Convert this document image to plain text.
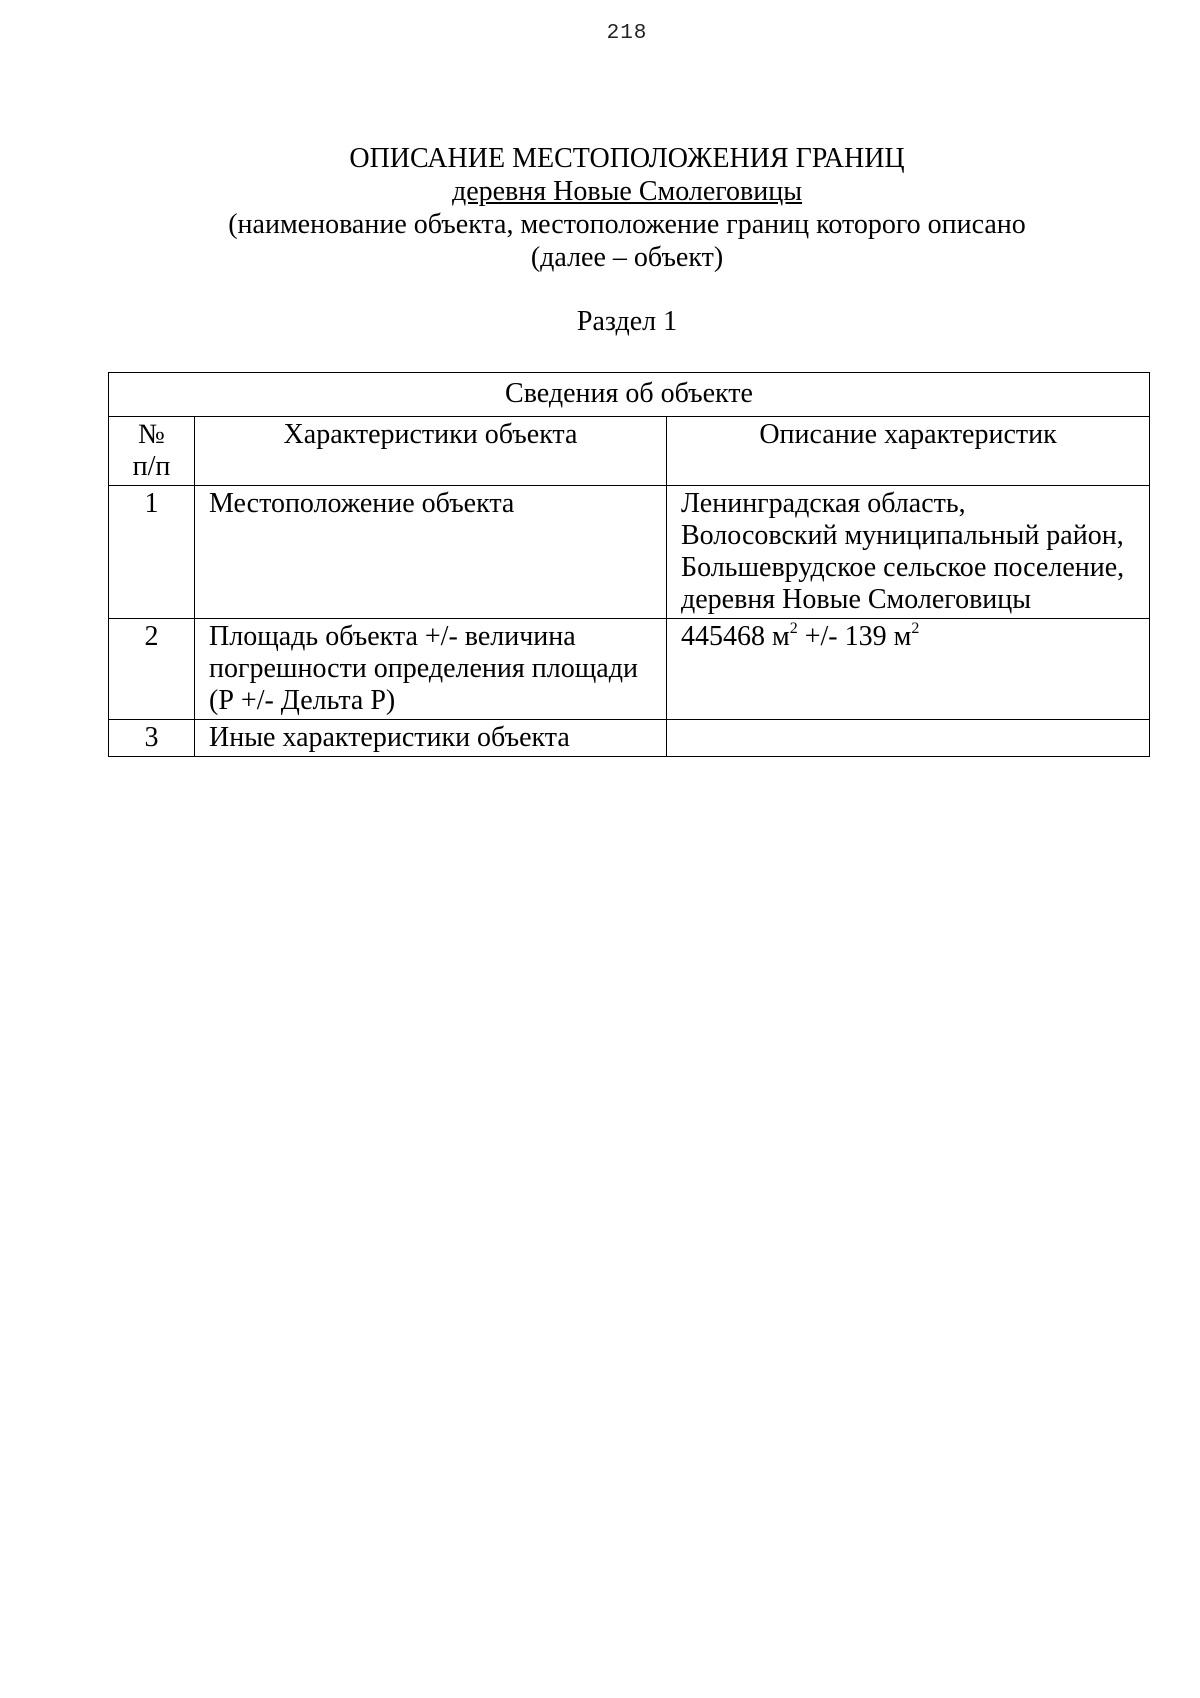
218
ОПИСАНИЕ МЕСТОПОЛОЖЕНИЯ ГРАНИЦ
деревня Новые Смолеговицы
(наименование объекта, местоположение границ которого описано
(далее – объект)
Раздел 1
Сведения об объекте		

№
п/п	Характеристики объекта	Описание характеристик
1	Местоположение объекта	Ленинградская область,
Волосовский муниципальный район,
Большеврудское сельское поселение,
деревня Новые Смолеговицы

2	Площадь объекта +/- величина
погрешности определения площади
(Р +/- Дельта Р)	445468 $м^2$ +/- 139 $м^2$
3	Иные характеристики объекта	
